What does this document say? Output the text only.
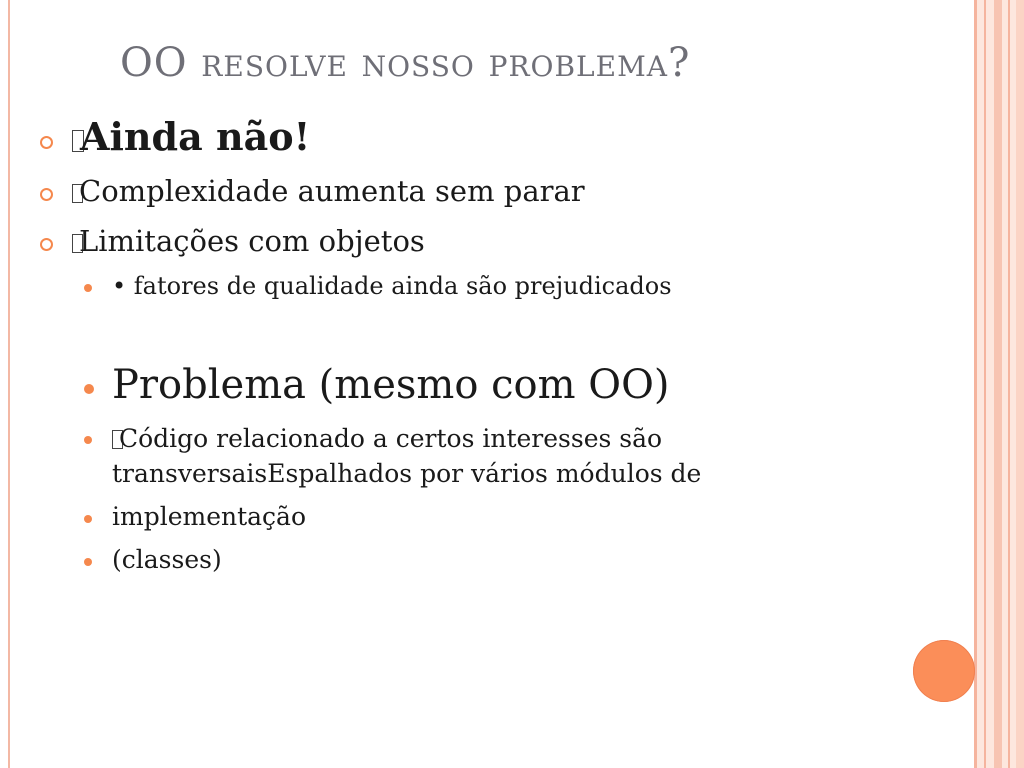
OO resolve nosso problema?
Ainda não!
Complexidade aumenta sem parar
Limitações com objetos
• fatores de qualidade ainda são prejudicados
Problema (mesmo com OO)
Código relacionado a certos interesses são
transversaisEspalhados por vários módulos de
implementação
(classes)
